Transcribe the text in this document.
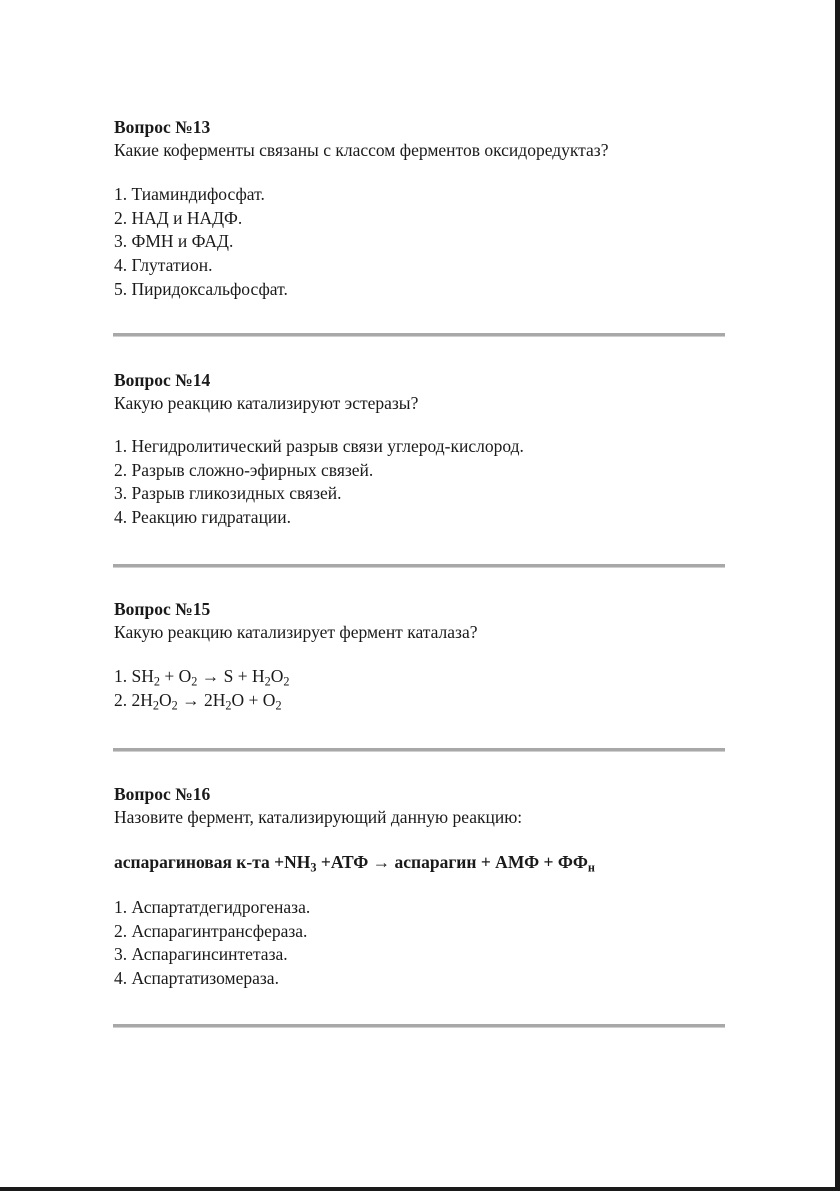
Вопрос №13
Какие коферменты связаны с классом ферментов оксидоредуктаз?
1. Тиаминдифосфат.
2. НАД и НАДФ.
3. ФМН и ФАД.
4. Глутатион.
5. Пиридоксальфосфат.
Вопрос №14
Какую реакцию катализируют эстеразы?
1. Негидролитический разрыв связи углерод-кислород.
2. Разрыв сложно-эфирных связей.
3. Разрыв гликозидных связей.
4. Реакцию гидратации.
Вопрос №15
Какую реакцию катализирует фермент каталаза?
1. $SH_2 + O_2 \to S + H_2O_2$
2. $2H_2O_2 \to 2H_2O + O_2$
Вопрос №16
Назовите фермент, катализирующий данную реакцию:
аспарагиновая $к-та +NH_3 +АТФ$ → аспарагин + АМФ + $ФФ_н$
1. Аспартатдегидрогеназа.
2. Аспарагинтрансфераза.
3. Аспарагинсинтетаза.
4. Аспартатизомераза.
